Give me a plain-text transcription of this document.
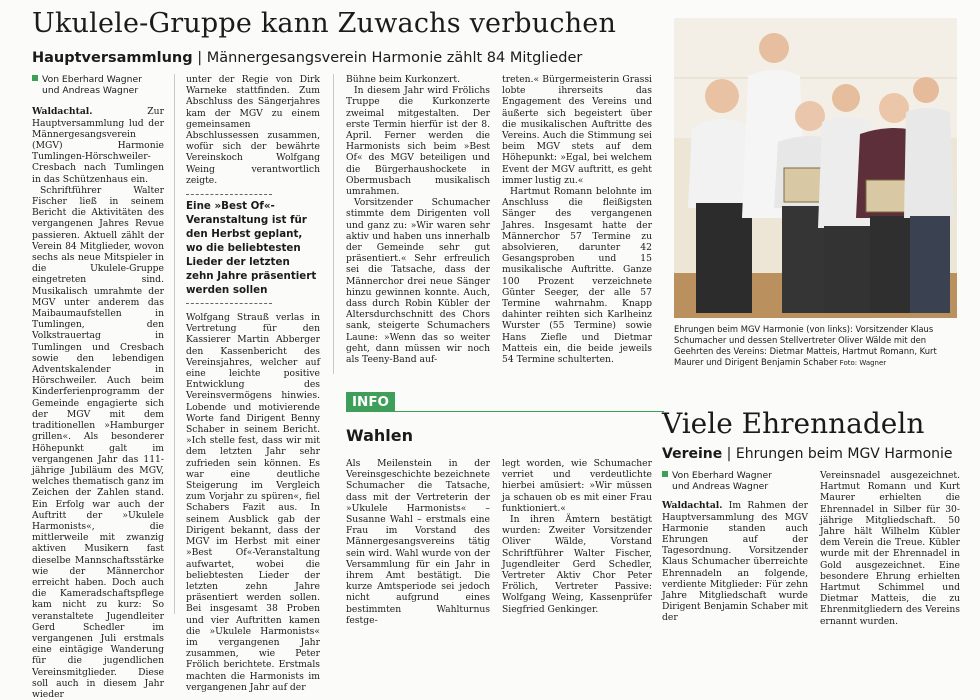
Ukulele-Gruppe kann Zuwachs verbuchen
Hauptversammlung | Männergesangsverein Harmonie zählt 84 Mitglieder
Von Eberhard Wagner
und Andreas Wagner

Waldachtal. Zur Hauptversammlung lud der Männergesangsverein (MGV) Harmonie Tumlingen-Hörschweiler-Cresbach nach Tumlingen in das Schützenhaus ein.

Schriftführer Walter Fischer ließ in seinem Bericht die Aktivitäten des vergangenen Jahres Revue passieren. Aktuell zählt der Verein 84 Mitglieder, wovon sechs als neue Mitspieler in die Ukulele-Gruppe eingetreten sind. Musikalisch umrahmte der MGV unter anderem das Maibaumaufstellen in Tumlingen, den Volkstrauertag in Tumlingen und Cresbach sowie den lebendigen Adventskalender in Hörschweiler. Auch beim Kinderferienprogramm der Gemeinde engagierte sich der MGV mit dem traditionellen »Hamburger grillen«. Als besonderer Höhepunkt galt im vergangenen Jahr das 111-jährige Jubiläum des MGV, welches thematisch ganz im Zeichen der Zahlen stand. Ein Erfolg war auch der Auftritt der »Ukulele Harmonists«, die mittlerweile mit zwanzig aktiven Musikern fast dieselbe Mannschaftsstärke wie der Männerchor erreicht haben. Doch auch die Kameradschaftspflege kam nicht zu kurz: So veranstaltete Jugendleiter Gerd Schedler im vergangenen Juli erstmals eine eintägige Wanderung für die jugendlichen Vereinsmitglieder. Diese soll auch in diesem Jahr wieder

unter der Regie von Dirk Warneke stattfinden. Zum Abschluss des Sängerjahres kam der MGV zu einem gemeinsamen Abschlussessen zusammen, wofür sich der bewährte Vereinskoch Wolfgang Weing verantwortlich zeigte.

Eine »Best Of«-Veranstaltung ist für den Herbst geplant, wo die beliebtesten Lieder der letzten zehn Jahre präsentiert werden sollen

Wolfgang Strauß verlas in Vertretung für den Kassierer Martin Abberger den Kassenbericht des Vereinsjahres, welcher auf eine leichte positive Entwicklung des Vereinsvermögens hinwies. Lobende und motivierende Worte fand Dirigent Benny Schaber in seinem Bericht. »Ich stelle fest, dass wir mit dem letzten Jahr sehr zufrieden sein können. Es war eine deutliche Steigerung im Vergleich zum Vorjahr zu spüren«, fiel Schabers Fazit aus. In seinem Ausblick gab der Dirigent bekannt, dass der MGV im Herbst mit einer »Best Of«-Veranstaltung aufwartet, wobei die beliebtesten Lieder der letzten zehn Jahre präsentiert werden sollen. Bei insgesamt 38 Proben und vier Auftritten kamen die »Ukulele Harmonists« im vergangenen Jahr zusammen, wie Peter Frölich berichtete. Erstmals machten die Harmonists im vergangenen Jahr auf der

Bühne beim Kurkonzert.

In diesem Jahr wird Frölichs Truppe die Kurkonzerte zweimal mitgestalten. Der erste Termin hierfür ist der 8. April. Ferner werden die Harmonists sich beim »Best Of« des MGV beteiligen und die Bürgerhaushockete in Obermusbach musikalisch umrahmen.

Vorsitzender Schumacher stimmte dem Dirigenten voll und ganz zu: »Wir waren sehr aktiv und haben uns innerhalb der Gemeinde sehr gut präsentiert.« Sehr erfreulich sei die Tatsache, dass der Männerchor drei neue Sänger hinzu gewinnen konnte. Auch, dass durch Robin Kübler der Altersdurchschnitt des Chors sank, steigerte Schumachers Laune: »Wenn das so weiter geht, dann müssen wir noch als Teeny-Band auf-

treten.« Bürgermeisterin Grassi lobte ihrerseits das Engagement des Vereins und äußerte sich begeistert über die musikalischen Auftritte des Vereins. Auch die Stimmung sei beim MGV stets auf dem Höhepunkt: »Egal, bei welchem Event der MGV auftritt, es geht immer lustig zu.«

Hartmut Romann belohnte im Anschluss die fleißigsten Sänger des vergangenen Jahres. Insgesamt hatte der Männerchor 57 Termine zu absolvieren, darunter 42 Gesangsproben und 15 musikalische Auftritte. Ganze 100 Prozent verzeichnete Günter Seeger, der alle 57 Termine wahrnahm. Knapp dahinter reihten sich Karlheinz Wurster (55 Termine) sowie Hans Ziefle und Dietmar Matteis ein, die beide jeweils 54 Termine schulterten.

Ehrungen beim MGV Harmonie (von links): Vorsitzender Klaus Schumacher und dessen Stellvertreter Oliver Wälde mit den Geehrten des Vereins: Dietmar Matteis, Hartmut Romann, Kurt Maurer und Dirigent Benjamin Schaber Foto: Wagner
INFO
Wahlen

Als Meilenstein in der Vereinsgeschichte bezeichnete Schumacher die Tatsache, dass mit der Vertreterin der »Ukulele Harmonists« – Susanne Wahl – erstmals eine Frau im Vorstand des Männergesangsvereins tätig sein wird. Wahl wurde von der Versammlung für ein Jahr in ihrem Amt bestätigt. Die kurze Amtsperiode sei jedoch nicht aufgrund eines bestimmten Wahlturnus festge-

legt worden, wie Schumacher verriet und verdeutlichte hierbei amüsiert: »Wir müssen ja schauen ob es mit einer Frau funktioniert.«

In ihren Ämtern bestätigt wurden: Zweiter Vorsitzender Oliver Wälde, Vorstand Schriftführer Walter Fischer, Jugendleiter Gerd Schedler, Vertreter Aktiv Chor Peter Frölich, Vertreter Passive: Wolfgang Weing, Kassenprüfer Siegfried Genkinger.

Viele Ehrennadeln
Vereine | Ehrungen beim MGV Harmonie
Von Eberhard Wagner
und Andreas Wagner

Waldachtal. Im Rahmen der Hauptversammlung des MGV Harmonie standen auch Ehrungen auf der Tagesordnung. Vorsitzender Klaus Schumacher überreichte Ehrennadeln an folgende, verdiente Mitglieder: Für zehn Jahre Mitgliedschaft wurde Dirigent Benjamin Schaber mit der

Vereinsnadel ausgezeichnet. Hartmut Romann und Kurt Maurer erhielten die Ehrennadel in Silber für 30-jährige Mitgliedschaft. 50 Jahre hält Wilhelm Kübler dem Verein die Treue. Kübler wurde mit der Ehrennadel in Gold ausgezeichnet. Eine besondere Ehrung erhielten Hartmut Schimmel und Dietmar Matteis, die zu Ehrenmitgliedern des Vereins ernannt wurden.
